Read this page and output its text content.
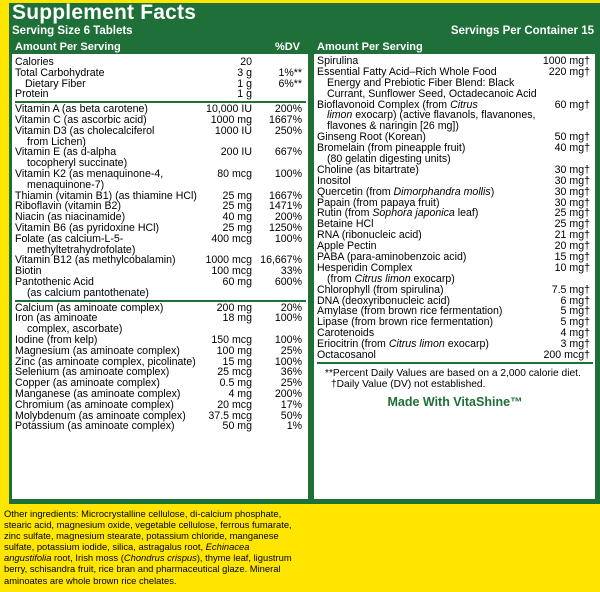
Supplement Facts
Serving Size 6 Tablets	Servings Per Container 15
Amount Per Serving	%DV
Calories	20
Total Carbohydrate	3 g 1%**
Dietary Fiber	1 g 6%**
Protein	1 g
Vitamin A (as beta carotene)	10,000 IU 200%
Vitamin C (as ascorbic acid)	1000 mg 1667%
Vitamin D3 (as cholecalciferol	1000 IU 250%
from Lichen)
Vitamin E (as d-alpha	200 IU 667%
tocopheryl succinate)
Vitamin K2 (as menaquinone-4,	80 mcg 100%
menaquinone-7)
Thiamin (vitamin B1) (as thiamine HCl) 25 mg 1667%
Riboflavin (vitamin B2)	25 mg 1471%
Niacin (as niacinamide)	40 mg 200%
Vitamin B6 (as pyridoxine HCl)	25 mg 1250%
Folate (as calcium-L-5-	400 mcg 100%
methyltetrahydrofolate)
Vitamin B12 (as methylcobalamin)	1000 mcg 16,667%
Biotin	100 mcg	33%
Pantothenic Acid	60 mg 600%
(as calcium pantothenate)
Calcium (as aminoate complex)	200 mg	20%
Iron (as aminoate	18 mg 100%
complex, ascorbate)
Iodine (from kelp)	150 mcg 100%
Magnesium (as aminoate complex)	100 mg	25%
Zinc (as aminoate complex, picolinate)	15 mg 100%
Selenium (as aminoate complex)	25 mcg	36%
Copper (as aminoate complex)	0.5 mg	25%
Manganese (as aminoate complex)	4 mg 200%
Chromium (as aminoate complex)	20 mcg	17%
Molybdenum (as aminoate complex) 37.5 mcg	50%
Potassium (as aminoate complex)	50 mg	1%
Amount Per Serving
Spirulina	1000 mg†
Essential Fatty Acid–Rich Whole Food	220 mg†
Energy and Prebiotic Fiber Blend: Black
Currant, Sunflower Seed, Octadecanoic Acid
Bioflavonoid Complex (from Citrus	60 mg†
limon exocarp) (active flavanols, flavanones,
flavones & naringin [26 mg])
Ginseng Root (Korean)	50 mg†
Bromelain (from pineapple fruit)	40 mg†
(80 gelatin digesting units)
Choline (as bitartrate)	30 mg†
Inositol	30 mg†
Quercetin (from Dimorphandra mollis)	30 mg†
Papain (from papaya fruit)	30 mg†
Rutin (from Sophora japonica leaf)	25 mg†
Betaine HCl	25 mg†
RNA (ribonucleic acid)	21 mg†
Apple Pectin	20 mg†
PABA (para-aminobenzoic acid)	15 mg†
Hesperidin Complex	10 mg†
(from Citrus limon exocarp)
Chlorophyll (from spirulina)	7.5 mg†
DNA (deoxyribonucleic acid)	6 mg†
Amylase (from brown rice fermentation)	5 mg†
Lipase (from brown rice fermentation)	5 mg†
Carotenoids	4 mg†
Eriocitrin (from Citrus limon exocarp)	3 mg†
Octacosanol	200 mcg†
**Percent Daily Values are based on a 2,000 calorie diet.
†Daily Value (DV) not established.
Made With VitaShine™
Other ingredients: Microcrystalline cellulose, di-calcium phosphate, stearic acid, magnesium oxide, vegetable cellulose, ferrous fumarate, zinc sulfate, magnesium stearate, potassium chloride, manganese sulfate, potassium iodide, silica, astragalus root, Echinacea angustifolia root, Irish moss (Chondrus crispus), thyme leaf, ligustrum berry, schisandra fruit, rice bran and pharmaceutical glaze. Mineral aminoates are whole brown rice chelates.
